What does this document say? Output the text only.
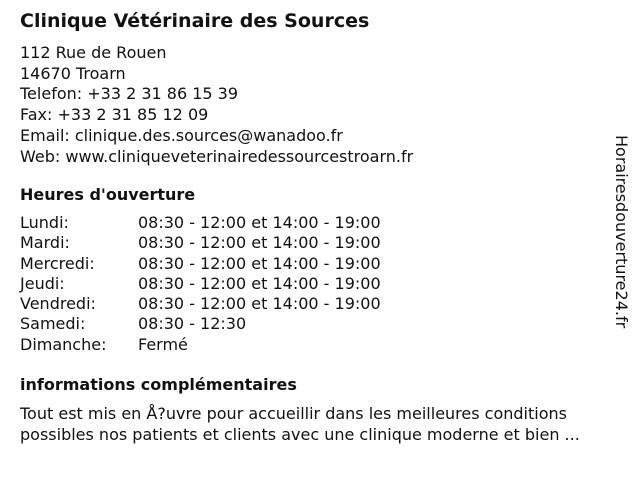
Clinique Vétérinaire des Sources
112 Rue de Rouen
14670 Troarn
Telefon: +33 2 31 86 15 39
Fax: +33 2 31 85 12 09
Email: clinique.des.sources@wanadoo.fr
Web: www.cliniqueveterinairedessourcestroarn.fr
Heures d'ouverture
Lundi:	08:30 - 12:00 et 14:00 - 19:00
Mardi:	08:30 - 12:00 et 14:00 - 19:00
Mercredi:	08:30 - 12:00 et 14:00 - 19:00
Jeudi:	08:30 - 12:00 et 14:00 - 19:00
Vendredi:	08:30 - 12:00 et 14:00 - 19:00
Samedi:	08:30 - 12:30
Dimanche:	Fermé
informations complémentaires
Tout est mis en Å?uvre pour accueillir dans les meilleures conditions
possibles nos patients et clients avec une clinique moderne et bien ...
Horairesdouverture24.fr
